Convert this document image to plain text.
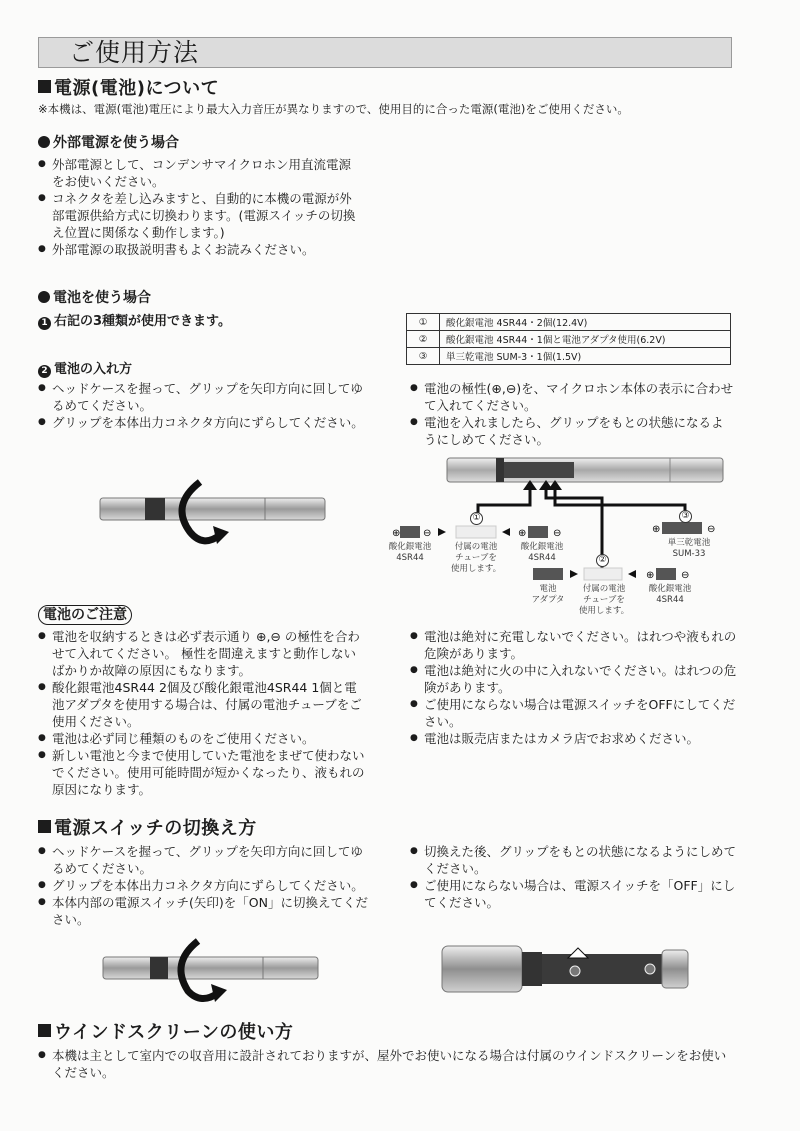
ご使用方法
電源(電池)について
※本機は、電源(電池)電圧により最大入力音圧が異なりますので、使用目的に合った電源(電池)をご使用ください。
外部電源を使う場合
● 外部電源として、コンデンサマイクロホン用直流電源をお使いください。
● コネクタを差し込みますと、自動的に本機の電源が外部電源供給方式に切換わります。(電源スイッチの切換え位置に関係なく動作します。)
● 外部電源の取扱説明書もよくお読みください。
電池を使う場合
1 右記の3種類が使用できます。	①	酸化銀電池 4SR44・2個(12.4V)
②	酸化銀電池 4SR44・1個と電池アダプタ使用(6.2V)
③	単三乾電池 SUM-3・1個(1.5V)
2 電池の入れ方
● ヘッドケースを握って、グリップを矢印方向に回してゆるめてください。
● グリップを本体出力コネクタ方向にずらしてください。
● 電池の極性(⊕,⊖)を、マイクロホン本体の表示に合わせて入れてください。
● 電池を入れましたら、グリップをもとの状態になるようにしめてください。
⊕ ⊖	⊕	⊖	⊕	⊖
⊕	⊖
①	③
②
酸化銀電池
4SR44
付属の電池
チューブを
使用します。
酸化銀電池
4SR44
単三乾電池
SUM-33
電池
アダプタ
付属の電池
チューブを
使用します。
酸化銀電池
4SR44
電池のご注意
● 電池を収納するときは必ず表示通り ⊕,⊖ の極性を合わせて入れてください。 極性を間違えますと動作しないばかりか故障の原因にもなります。
● 酸化銀電池4SR44 2個及び酸化銀電池4SR44 1個と電池アダプタを使用する場合は、付属の電池チューブをご使用ください。
● 電池は必ず同じ種類のものをご使用ください。
● 新しい電池と今まで使用していた電池をまぜて使わないでください。使用可能時間が短かくなったり、液もれの原因になります。
● 電池は絶対に充電しないでください。はれつや液もれの危険があります。
● 電池は絶対に火の中に入れないでください。はれつの危険があります。
● ご使用にならない場合は電源スイッチをOFFにしてください。
● 電池は販売店またはカメラ店でお求めください。
電源スイッチの切換え方
● ヘッドケースを握って、グリップを矢印方向に回してゆるめてください。
● グリップを本体出力コネクタ方向にずらしてください。
● 本体内部の電源スイッチ(矢印)を「ON」に切換えてください。
● 切換えた後、グリップをもとの状態になるようにしめてください。
● ご使用にならない場合は、電源スイッチを「OFF」にしてください。
ウインドスクリーンの使い方
● 本機は主として室内での収音用に設計されておりますが、屋外でお使いになる場合は付属のウインドスクリーンをお使いください。
